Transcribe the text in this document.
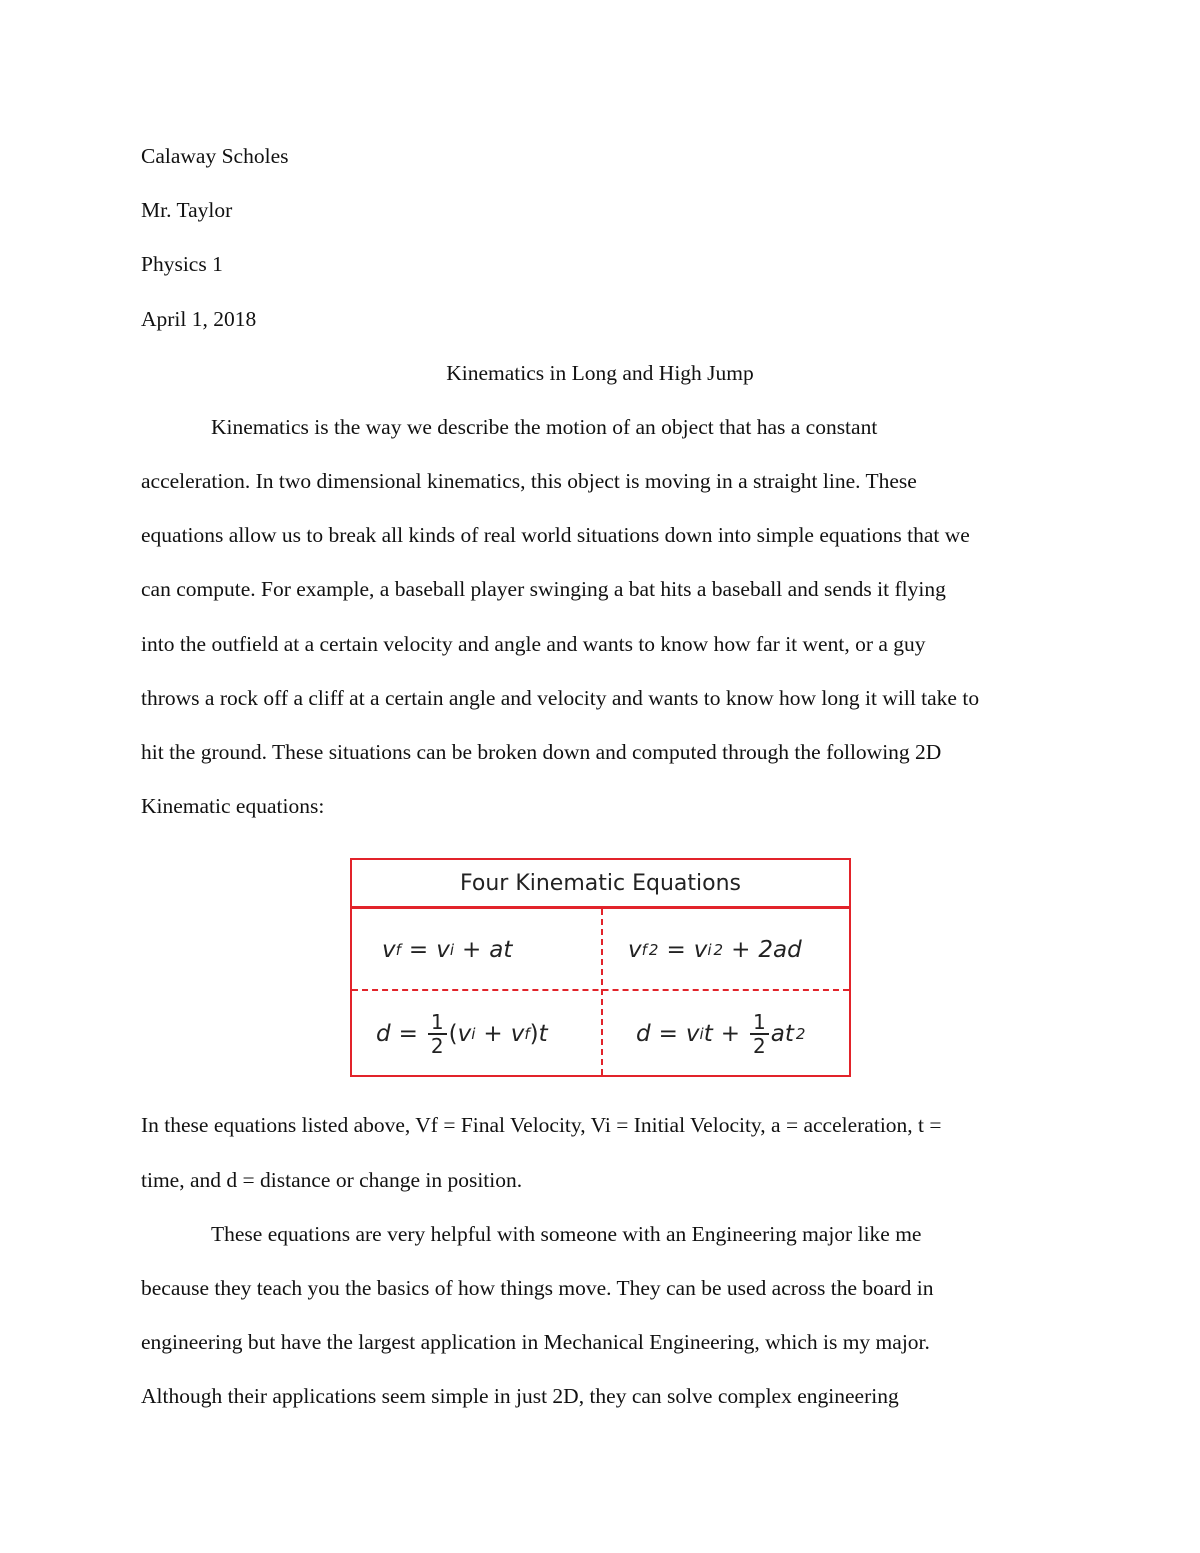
Calaway Scholes
Mr. Taylor
Physics 1
April 1, 2018
Kinematics in Long and High Jump
Kinematics is the way we describe the motion of an object that has a constant
acceleration. In two dimensional kinematics, this object is moving in a straight line. These
equations allow us to break all kinds of real world situations down into simple equations that we
can compute. For example, a baseball player swinging a bat hits a baseball and sends it flying
into the outfield at a certain velocity and angle and wants to know how far it went, or a guy
throws a rock off a cliff at a certain angle and velocity and wants to know how long it will take to
hit the ground. These situations can be broken down and computed through the following 2D
Kinematic equations:
Four Kinematic Equations
v f = v i + at	v f 2 = v i 2 + 2ad
$d = \frac{1}{2}$ ( v i + v f ) t	d = v i $t + \frac{1}{2}$ at 2
In these equations listed above, Vf = Final Velocity, Vi = Initial Velocity, a = acceleration, t =
time, and d = distance or change in position.
These equations are very helpful with someone with an Engineering major like me
because they teach you the basics of how things move. They can be used across the board in
engineering but have the largest application in Mechanical Engineering, which is my major.
Although their applications seem simple in just 2D, they can solve complex engineering
